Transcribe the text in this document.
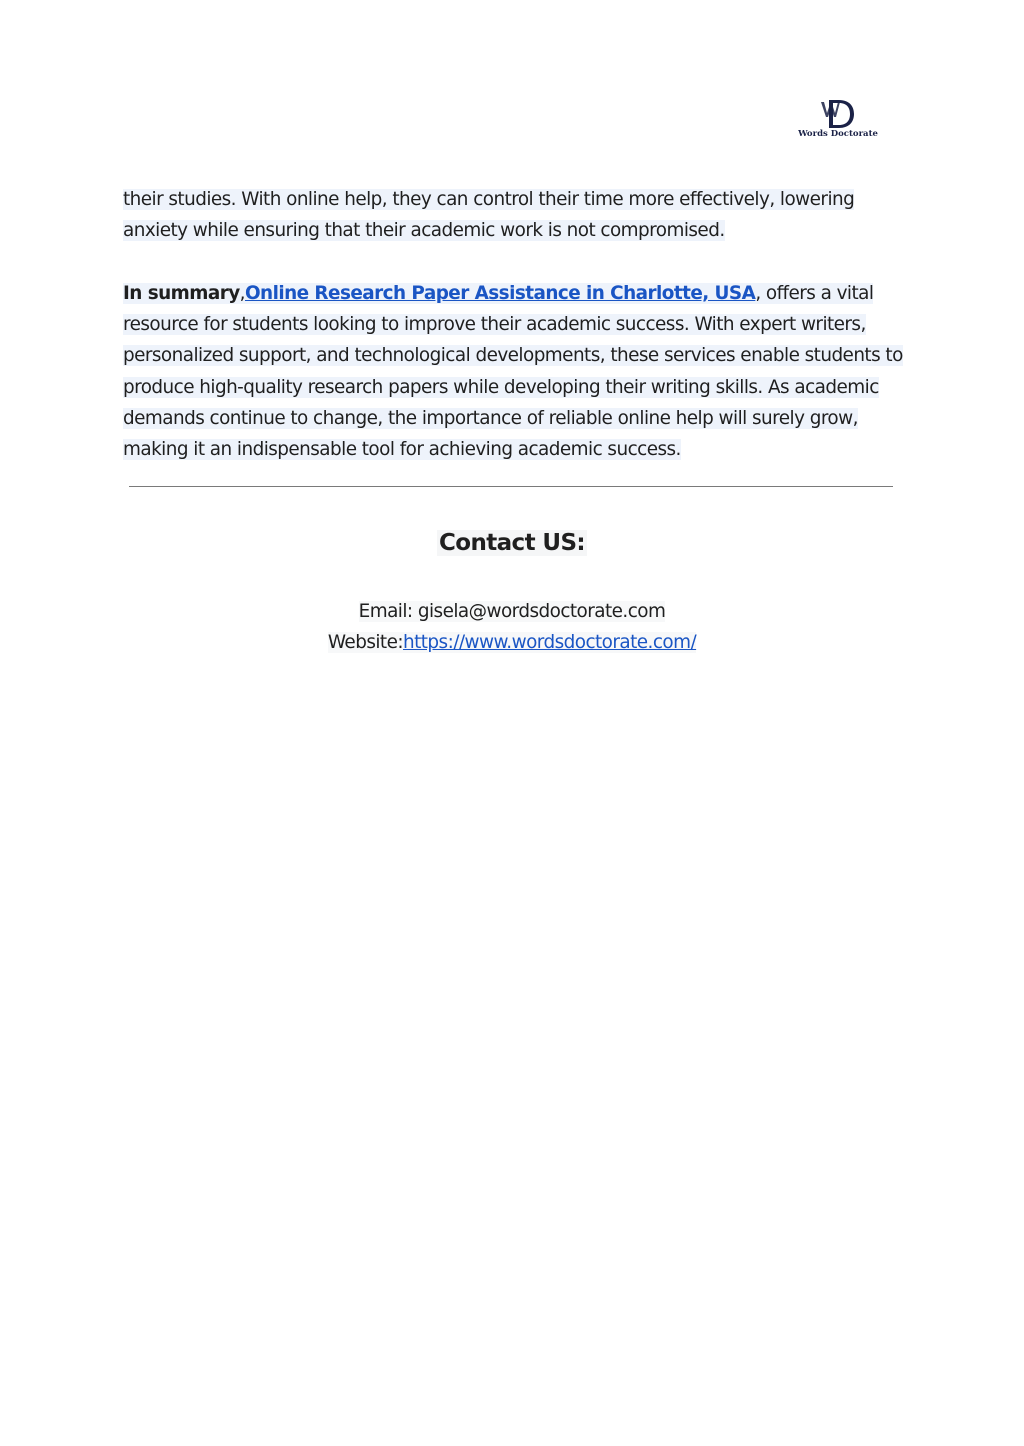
Words Doctorate

their studies. With online help, they can control their time more effectively, lowering anxiety while ensuring that their academic work is not compromised.

In summary,Online Research Paper Assistance in Charlotte, USA, offers a vital resource for students looking to improve their academic success. With expert writers, personalized support, and technological developments, these services enable students to produce high-quality research papers while developing their writing skills. As academic demands continue to change, the importance of reliable online help will surely grow, making it an indispensable tool for achieving academic success.

Contact US:
Email: gisela@wordsdoctorate.com
Website:https://www.wordsdoctorate.com/
